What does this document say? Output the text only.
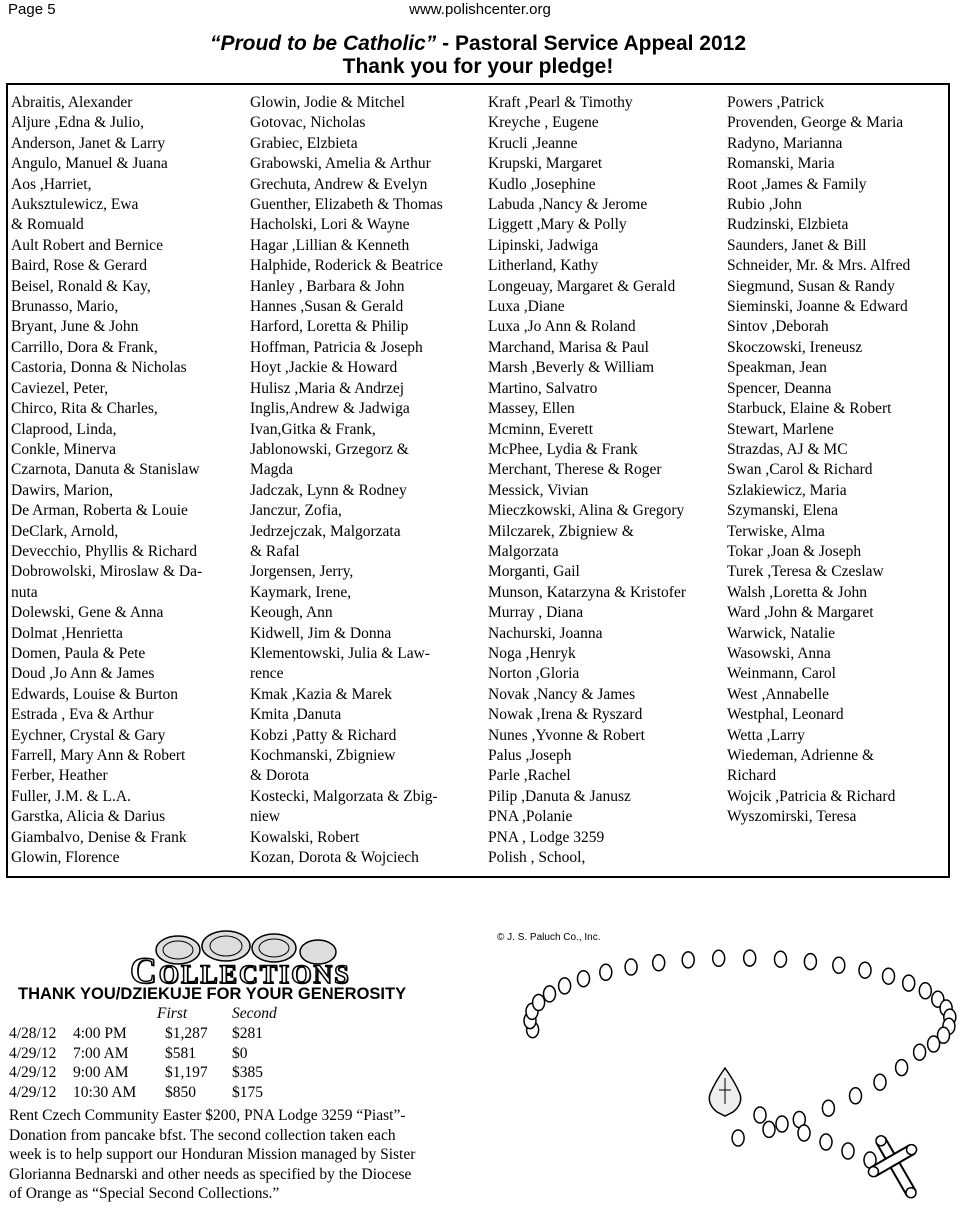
Page 5	www.polishcenter.org
“Proud to be Catholic” - Pastoral Service Appeal 2012
Thank you for your pledge!
Abraitis, Alexander
Aljure ,Edna & Julio,
Anderson, Janet & Larry
Angulo, Manuel & Juana
Aos ,Harriet,
Auksztulewicz, Ewa
& Romuald
Ault Robert and Bernice
Baird, Rose & Gerard
Beisel, Ronald & Kay,
Brunasso, Mario,
Bryant, June & John
Carrillo, Dora & Frank,
Castoria, Donna & Nicholas
Caviezel, Peter,
Chirco, Rita & Charles,
Claprood, Linda,
Conkle, Minerva
Czarnota, Danuta & Stanislaw
Dawirs, Marion,
De Arman, Roberta & Louie
DeClark, Arnold,
Devecchio, Phyllis & Richard
Dobrowolski, Miroslaw & Da-
nuta
Dolewski, Gene & Anna
Dolmat ,Henrietta
Domen, Paula & Pete
Doud ,Jo Ann & James
Edwards, Louise & Burton
Estrada , Eva & Arthur
Eychner, Crystal & Gary
Farrell, Mary Ann & Robert
Ferber, Heather
Fuller, J.M. & L.A.
Garstka, Alicia & Darius
Giambalvo, Denise & Frank
Glowin, Florence
Glowin, Jodie & Mitchel
Gotovac, Nicholas
Grabiec, Elzbieta
Grabowski, Amelia & Arthur
Grechuta, Andrew & Evelyn
Guenther, Elizabeth & Thomas
Hacholski, Lori & Wayne
Hagar ,Lillian & Kenneth
Halphide, Roderick & Beatrice
Hanley , Barbara & John
Hannes ,Susan & Gerald
Harford, Loretta & Philip
Hoffman, Patricia & Joseph
Hoyt ,Jackie & Howard
Hulisz ,Maria & Andrzej
Inglis,Andrew & Jadwiga
Ivan,Gitka & Frank,
Jablonowski, Grzegorz &
Magda
Jadczak, Lynn & Rodney
Janczur, Zofia,
Jedrzejczak, Malgorzata
& Rafal
Jorgensen, Jerry,
Kaymark, Irene,
Keough, Ann
Kidwell, Jim & Donna
Klementowski, Julia & Law-
rence
Kmak ,Kazia & Marek
Kmita ,Danuta
Kobzi ,Patty & Richard
Kochmanski, Zbigniew
& Dorota
Kostecki, Malgorzata & Zbig-
niew
Kowalski, Robert
Kozan, Dorota & Wojciech
Kraft ,Pearl & Timothy
Kreyche , Eugene
Krucli ,Jeanne
Krupski, Margaret
Kudlo ,Josephine
Labuda ,Nancy & Jerome
Liggett ,Mary & Polly
Lipinski, Jadwiga
Litherland, Kathy
Longeuay, Margaret & Gerald
Luxa ,Diane
Luxa ,Jo Ann & Roland
Marchand, Marisa & Paul
Marsh ,Beverly & William
Martino, Salvatro
Massey, Ellen
Mcminn, Everett
McPhee, Lydia & Frank
Merchant, Therese & Roger
Messick, Vivian
Mieczkowski, Alina & Gregory
Milczarek, Zbigniew &
Malgorzata
Morganti, Gail
Munson, Katarzyna & Kristofer
Murray , Diana
Nachurski, Joanna
Noga ,Henryk
Norton ,Gloria
Novak ,Nancy & James
Nowak ,Irena & Ryszard
Nunes ,Yvonne & Robert
Palus ,Joseph
Parle ,Rachel
Pilip ,Danuta & Janusz
PNA ,Polanie
PNA , Lodge 3259
Polish , School,
Powers ,Patrick
Provenden, George & Maria
Radyno, Marianna
Romanski, Maria
Root ,James & Family
Rubio ,John
Rudzinski, Elzbieta
Saunders, Janet & Bill
Schneider, Mr. & Mrs. Alfred
Siegmund, Susan & Randy
Sieminski, Joanne & Edward
Sintov ,Deborah
Skoczowski, Ireneusz
Speakman, Jean
Spencer, Deanna
Starbuck, Elaine & Robert
Stewart, Marlene
Strazdas, AJ & MC
Swan ,Carol & Richard
Szlakiewicz, Maria
Szymanski, Elena
Terwiske, Alma
Tokar ,Joan & Joseph
Turek ,Teresa & Czeslaw
Walsh ,Loretta & John
Ward ,John & Margaret
Warwick, Natalie
Wasowski, Anna
Weinmann, Carol
West ,Annabelle
Westphal, Leonard
Wetta ,Larry
Wiedeman, Adrienne &
Richard
Wojcik ,Patricia & Richard
Wyszomirski, Teresa
Collections
© J. S. Paluch Co., Inc.
THANK YOU/DZIEKUJE FOR YOUR GENEROSITY
First	Second
4/28/12 4:00 PM $1,287 $281
4/29/12 7:00 AM $581 $0
4/29/12 9:00 AM $1,197 $385
4/29/12 10:30 AM $850 $175
Rent Czech Community Easter $200, PNA Lodge 3259 “Piast”-
Donation from pancake bfst. The second collection taken each
week is to help support our Honduran Mission managed by Sister
Glorianna Bednarski and other needs as specified by the Diocese
of Orange as “Special Second Collections.”
